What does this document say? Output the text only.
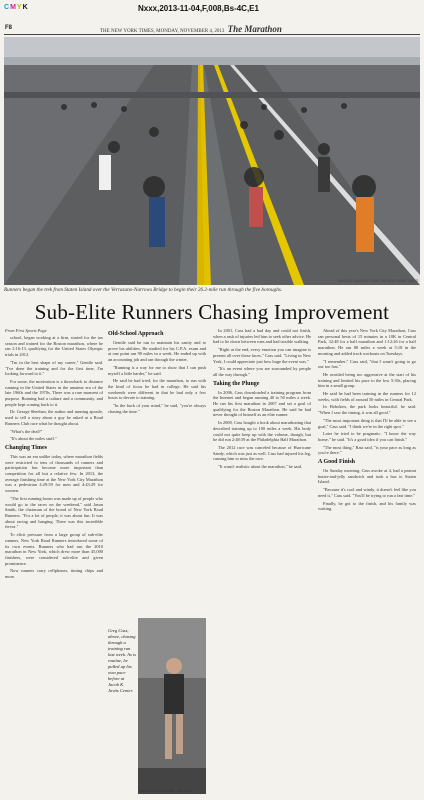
CMYK	Nxxx,2013-11-04,F,008,Bs-4C,E1
F8
THE NEW YORK TIMES, MONDAY, NOVEMBER 4, 2013 The Marathon
VINCENT LAFORET FOR THE NEW YORK TIMES
Runners began the trek from Staten Island over the Verrazano-Narrows Bridge to begin their 26.2-mile run through the five boroughs.
Sub-Elite Runners Chasing Improvement

From First Sports Page

school, began working at a firm, started for the tax season and trained for the Boston marathon, where he ran 2:16:13, qualifying for the United States Olympic trials in 2012.

"I'm in the best shape of my career," Gentile said. "I've done the training and for the first time, I'm looking forward to it."

For some, the motivation is a throwback to distance running in the United States in the amateur era of the late 1960s and the 1970s. There was a rare moment of purpose. Running had a culture and a community, and people kept coming back to it.

Dr. George Sheehan, the author and running apostle, used to tell a story about a guy he asked at a Road Runners Club race what he thought about.

"What's the deal?"

"It's about the miles stuff."

Changing Times

This was an era unlike today, where marathon fields were restricted to tens of thousands of runners and participation has become more important than competition for all but a relative few. In 2013, the average finishing time at the New York City Marathon was a pedestrian 4:29:59 for men and 4:43:29 for women.

"The first running boom was made up of people who would go to the races on the weekend," said Jason Smith, the chairman of the board of New York Road Runners. "For a lot of people, it was about fun. It was about racing and hanging. There was this incredible fervor."

To elicit pressure from a large group of sub-elite runners, New York Road Runners introduced some of its own events. Runners who had run the 2010 marathon in New York, which drew more than 45,000 finishers, were considered sub-elite and given prominence.

Now runners carry cellphones, timing chips and more.

Old-School Approach

Gentile said he ran to maintain his sanity and to prove his abilities. He studied for his C.P.A. exam and at one point ran 90 miles in a week. He ended up with an accounting job and ran through the winter.

"Running is a way for me to show that I can push myself a little harder," he said.

He said he had tried, for the marathon, to run with the kind of focus he had in college. He said his weekends were different in that he had only a few hours to devote to training.

"In the back of your mind," he said, "you're always chasing the time."

Greg Cass, above, chasing through a training run last week. As is routine, he pulled up his own pace before at Jacob K. Javits Center.
RICHARD PERRY/THE NEW YORK TIMES

In 2001, Cass had a bad day and could not finish, when a rash of injuries led him to seek other advice. He had to lie down between runs and had trouble walking.

"Right at the end, every emotion you can imagine is present all over those faces," Cass said. "Living in New York, I could appreciate just how huge the event was."

"It's an event where you are surrounded by people all the way through."

Taking the Plunge

In 2006, Cass downloaded a training program from the Internet and began running 40 to 50 miles a week. He ran his first marathon in 2007 and set a goal of qualifying for the Boston Marathon. He said he had never thought of himself as an elite runner.

In 2008, Cass bought a book about marathoning that described training up to 100 miles a week. His body could not quite keep up with the volume, though, but he did run 2:48:39 at the Philadelphia Half Marathon.

The 2012 race was canceled because of Hurricane Sandy, which was just as well. Cass had injured his leg, causing him to miss the race.

"It wasn't realistic about the marathon," he said.

Ahead of this year's New York City Marathon, Cass ran personal bests of 15 minutes in a 10K in Central Park, 32:48 for a half marathon and 1:12:26 for a half marathon. He ran 80 miles a week at 5:18 in the morning and added track workouts on Tuesdays.

"I remember," Cass said, "that I wasn't going to go out too fast."

He avoided being too aggressive at the start of his training and limited his pace to the low 5:30s, placing him in a small group.

He said he had been training in the runners for 12 weeks, with fields of around 50 miles in Central Park.

In Hoboken, the park looks beautiful, he said. "When I saw the timing, it was all good."

"The most important thing is that I'll be able to see a goal," Cass said. "I think we're in the right spot."

Later he tried to be pragmatic. "I know the way home," he said. "It's a good idea if you can finish."

"The most thing," Rast said, "is your pace as long as you're there."

A Good Finish

On Sunday morning, Cass awoke at 4, had a peanut butter-and-jelly sandwich and took a bus to Staten Island.

"Because it's cool and windy, it doesn't feel like you need it," Cass said. "You'll be trying to run a fast time."

Finally, he got to the finish, and his family was waiting.
